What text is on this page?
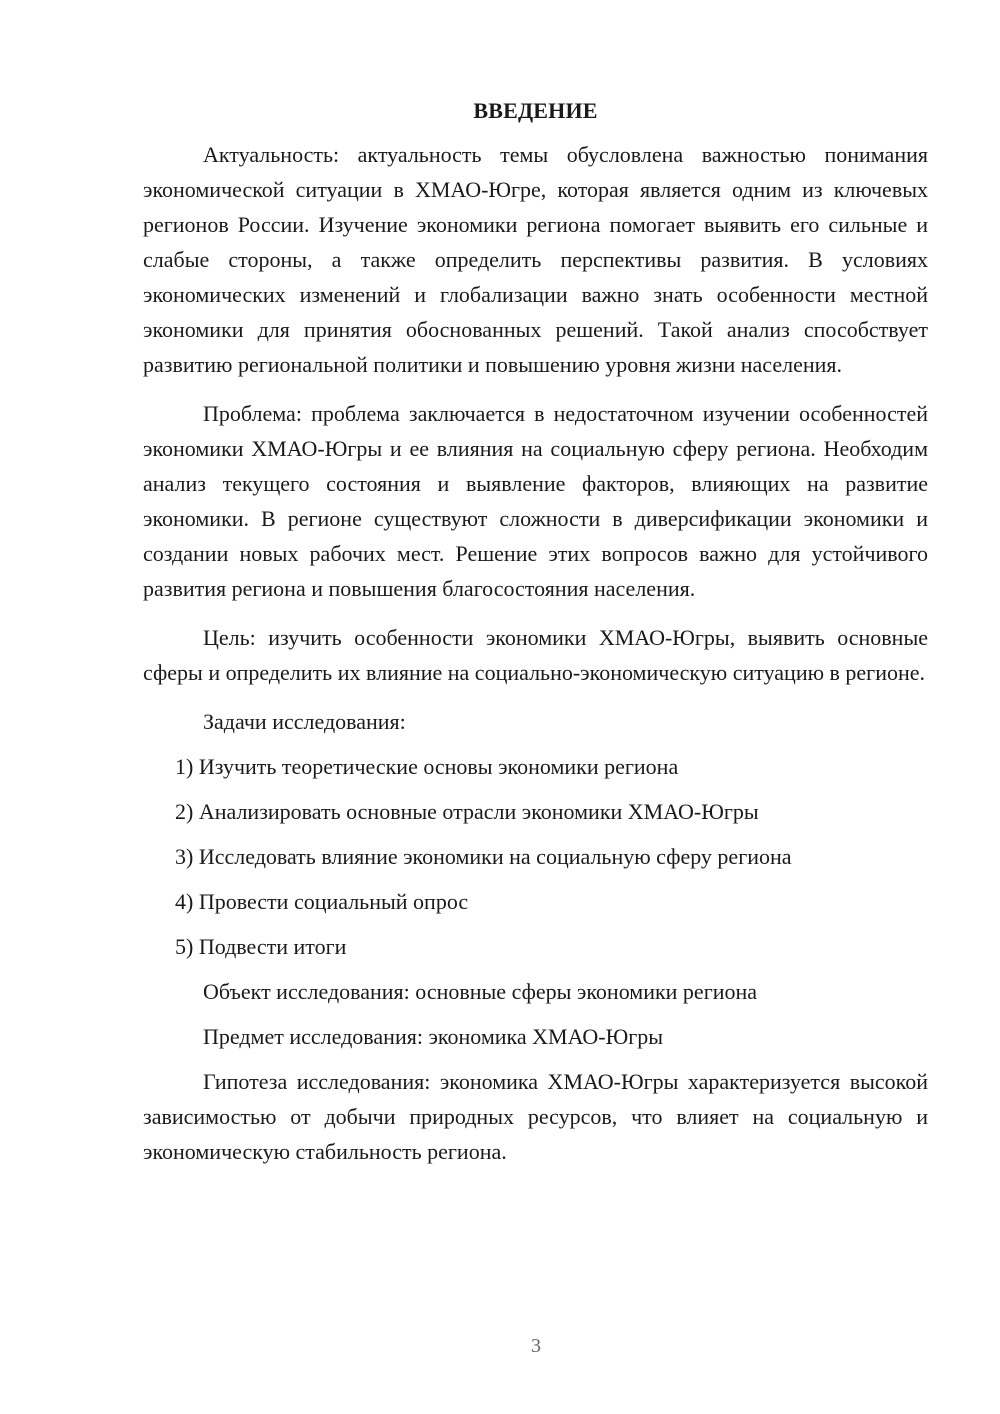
ВВЕДЕНИЕ

Актуальность: актуальность темы обусловлена важностью понимания экономической ситуации в ХМАО-Югре, которая является одним из ключевых регионов России. Изучение экономики региона помогает выявить его сильные и слабые стороны, а также определить перспективы развития. В условиях экономических изменений и глобализации важно знать особенности местной экономики для принятия обоснованных решений. Такой анализ способствует развитию региональной политики и повышению уровня жизни населения.

Проблема: проблема заключается в недостаточном изучении особенностей экономики ХМАО-Югры и ее влияния на социальную сферу региона. Необходим анализ текущего состояния и выявление факторов, влияющих на развитие экономики. В регионе существуют сложности в диверсификации экономики и создании новых рабочих мест. Решение этих вопросов важно для устойчивого развития региона и повышения благосостояния населения.

Цель: изучить особенности экономики ХМАО-Югры, выявить основные сферы и определить их влияние на социально-экономическую ситуацию в регионе.

Задачи исследования:

1) Изучить теоретические основы экономики региона

2) Анализировать основные отрасли экономики ХМАО-Югры

3) Исследовать влияние экономики на социальную сферу региона

4) Провести социальный опрос

5) Подвести итоги

Объект исследования: основные сферы экономики региона

Предмет исследования: экономика ХМАО-Югры

Гипотеза исследования: экономика ХМАО-Югры характеризуется высокой зависимостью от добычи природных ресурсов, что влияет на социальную и экономическую стабильность региона.

3
